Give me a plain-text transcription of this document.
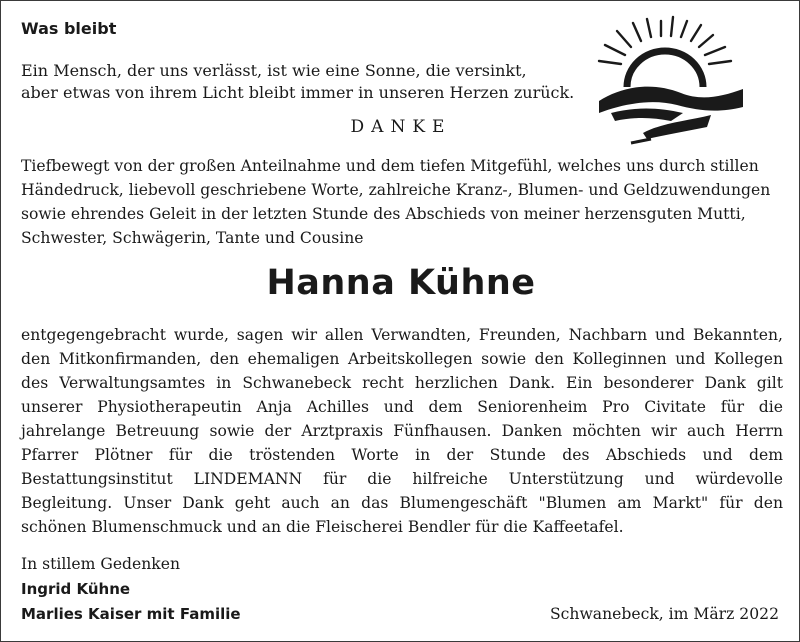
Was bleibt
Ein Mensch, der uns verlässt, ist wie eine Sonne, die versinkt,
aber etwas von ihrem Licht bleibt immer in unseren Herzen zurück.
DANKE
Tiefbewegt von der großen Anteilnahme und dem tiefen Mitgefühl, welches uns durch stillen
Händedruck, liebevoll geschriebene Worte, zahlreiche Kranz-, Blumen- und Geldzuwendungen
sowie ehrendes Geleit in der letzten Stunde des Abschieds von meiner herzensguten Mutti,
Schwester, Schwägerin, Tante und Cousine
Hanna Kühne
entgegengebracht wurde, sagen wir allen Verwandten, Freunden, Nachbarn und Bekannten,
den Mitkonfirmanden, den ehemaligen Arbeitskollegen sowie den Kolleginnen und Kollegen
des Verwaltungsamtes in Schwanebeck recht herzlichen Dank. Ein besonderer Dank gilt
unserer Physiotherapeutin Anja Achilles und dem Seniorenheim Pro Civitate für die
jahrelange Betreuung sowie der Arztpraxis Fünfhausen. Danken möchten wir auch Herrn
Pfarrer Plötner für die tröstenden Worte in der Stunde des Abschieds und dem
Bestattungsinstitut LINDEMANN für die hilfreiche Unterstützung und würdevolle
Begleitung. Unser Dank geht auch an das Blumengeschäft "Blumen am Markt" für den
schönen Blumenschmuck und an die Fleischerei Bendler für die Kaffeetafel.
In stillem Gedenken
Ingrid Kühne
Marlies Kaiser mit Familie	Schwanebeck, im März 2022
